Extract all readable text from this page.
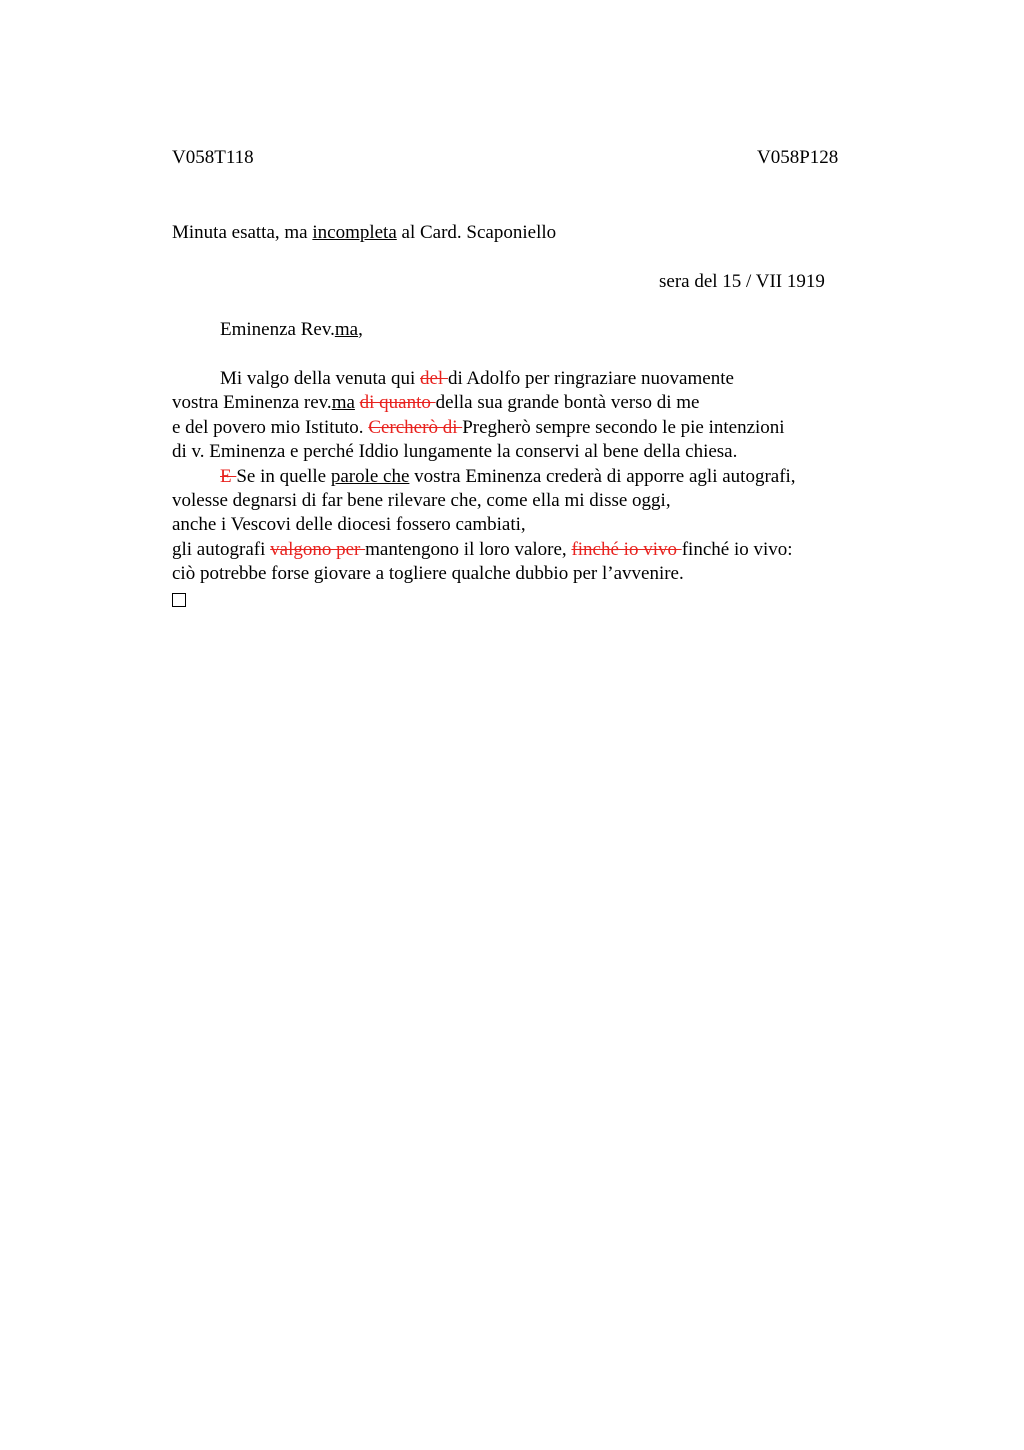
V058T118	V058P128
Minuta esatta, ma incompleta al Card. Scaponiello
sera del 15 / VII 1919
Eminenza Rev.ma,
Mi valgo della venuta qui del di Adolfo per ringraziare nuovamente
vostra Eminenza rev.ma di quanto della sua grande bontà verso di me
e del povero mio Istituto. Cercherò di Pregherò sempre secondo le pie intenzioni
di v. Eminenza e perché Iddio lungamente la conservi al bene della chiesa.
E Se in quelle parole che vostra Eminenza crederà di apporre agli autografi,
volesse degnarsi di far bene rilevare che, come ella mi disse oggi,
anche i Vescovi delle diocesi fossero cambiati,
gli autografi valgono per mantengono il loro valore, finché io vivo finché io vivo:
ciò potrebbe forse giovare a togliere qualche dubbio per l’avvenire.
